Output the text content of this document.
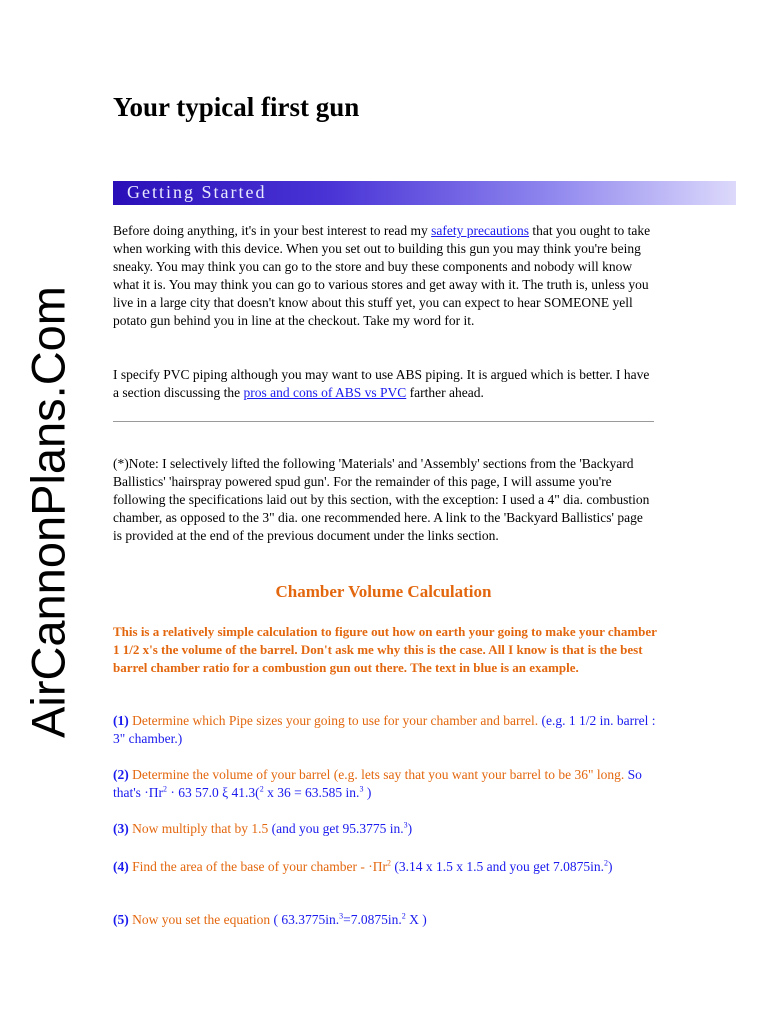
AirCannonPlans.Com
Your typical first gun
Getting Started

Before doing anything, it's in your best interest to read my safety precautions that you ought to take when working with this device. When you set out to building this gun you may think you're being sneaky. You may think you can go to the store and buy these components and nobody will know what it is. You may think you can go to various stores and get away with it. The truth is, unless you live in a large city that doesn't know about this stuff yet, you can expect to hear SOMEONE yell potato gun behind you in line at the checkout. Take my word for it.

I specify PVC piping although you may want to use ABS piping. It is argued which is better. I have a section discussing the pros and cons of ABS vs PVC farther ahead.

(*)Note: I selectively lifted the following 'Materials' and 'Assembly' sections from the 'Backyard Ballistics' 'hairspray powered spud gun'. For the remainder of this page, I will assume you're following the specifications laid out by this section, with the exception: I used a 4" dia. combustion chamber, as opposed to the 3" dia. one recommended here. A link to the 'Backyard Ballistics' page is provided at the end of the previous document under the links section.

Chamber Volume Calculation

This is a relatively simple calculation to figure out how on earth your going to make your chamber 1 1/2 x's the volume of the barrel. Don't ask me why this is the case. All I know is that is the best barrel chamber ratio for a combustion gun out there. The text in blue is an example.

(1) Determine which Pipe sizes your going to use for your chamber and barrel. (e.g. 1 1/2 in. barrel : 3" chamber.)

(2) Determine the volume of your barrel (e.g. lets say that you want your barrel to be 36" long. So that's $\cdot\Pi r^2 \cdot 63$ 57.0 ξ 41.3($^2$ x 36 = 63.585 in.$^3$ )

(3) Now multiply that by 1.5 (and you get 95.3775 in.$^3$)

(4) Find the area of the base of your chamber - $\cdot\Pi r^2$ (3.14 x 1.5 x 1.5 and you get 7.0875in.$^2$)

(5) Now you set the equation ( 63.3775in.$^3$=7.0875in.$^2$ X )
